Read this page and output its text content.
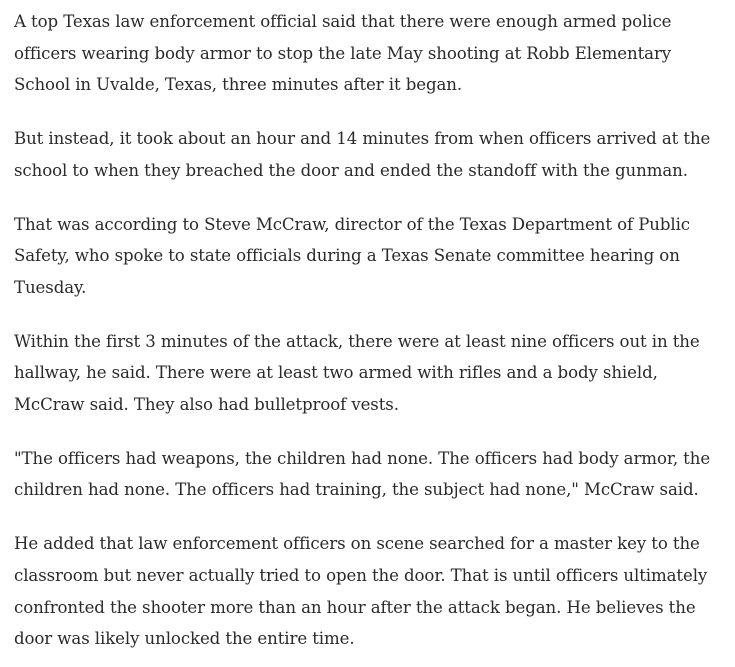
A top Texas law enforcement official said that there were enough armed police officers wearing body armor to stop the late May shooting at Robb Elementary School in Uvalde, Texas, three minutes after it began.

But instead, it took about an hour and 14 minutes from when officers arrived at the school to when they breached the door and ended the standoff with the gunman.

That was according to Steve McCraw, director of the Texas Department of Public Safety, who spoke to state officials during a Texas Senate committee hearing on Tuesday.

Within the first 3 minutes of the attack, there were at least nine officers out in the hallway, he said. There were at least two armed with rifles and a body shield, McCraw said. They also had bulletproof vests.

"The officers had weapons, the children had none. The officers had body armor, the children had none. The officers had training, the subject had none," McCraw said.

He added that law enforcement officers on scene searched for a master key to the classroom but never actually tried to open the door. That is until officers ultimately confronted the shooter more than an hour after the attack began. He believes the door was likely unlocked the entire time.
